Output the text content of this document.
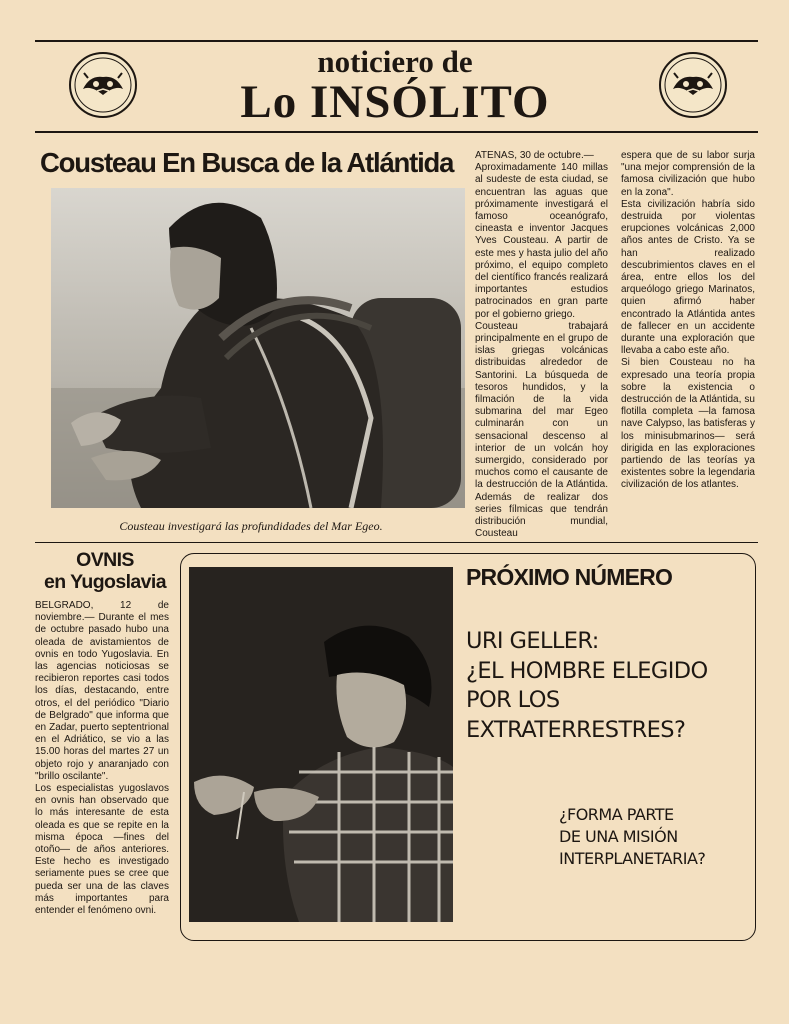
noticiero de
Lo INSÓLITO
Cousteau En Busca de la Atlántida
Cousteau investigará las profundidades del Mar Egeo.
ATENAS, 30 de octubre.—
Aproximadamente 140 millas al sudeste de esta ciudad, se encuentran las aguas que próximamente investigará el famoso oceanógrafo, cineasta e inventor Jacques Yves Cousteau. A partir de este mes y hasta julio del año próximo, el equipo completo del científico francés realizará importantes estudios patrocinados en gran parte por el gobierno griego.
Cousteau trabajará principalmente en el grupo de islas griegas volcánicas distribuidas alrededor de Santorini. La búsqueda de tesoros hundidos, y la filmación de la vida submarina del mar Egeo culminarán con un sensacional descenso al interior de un volcán hoy sumergido, considerado por muchos como el causante de la destrucción de la Atlántida. Además de realizar dos series fílmicas que tendrán distribución mundial, Cousteau
espera que de su labor surja "una mejor comprensión de la famosa civilización que hubo en la zona".
Esta civilización habría sido destruida por violentas erupciones volcánicas 2,000 años antes de Cristo. Ya se han realizado descubrimientos claves en el área, entre ellos los del arqueólogo griego Marinatos, quien afirmó haber encontrado la Atlántida antes de fallecer en un accidente durante una exploración que llevaba a cabo este año.
Si bien Cousteau no ha expresado una teoría propia sobre la existencia o destrucción de la Atlántida, su flotilla completa —la famosa nave Calypso, las batisferas y los minisubmarinos— será dirigida en las exploraciones partiendo de las teorías ya existentes sobre la legendaria civilización de los atlantes.
OVNIS
en Yugoslavia
BELGRADO, 12 de noviembre.— Durante el mes de octubre pasado hubo una oleada de avistamientos de ovnis en todo Yugoslavia. En las agencias noticiosas se recibieron reportes casi todos los días, destacando, entre otros, el del periódico "Diario de Belgrado" que informa que en Zadar, puerto septentrional en el Adriático, se vio a las 15.00 horas del martes 27 un objeto rojo y anaranjado con "brillo oscilante".
Los especialistas yugoslavos en ovnis han observado que lo más interesante de esta oleada es que se repite en la misma época —fines del otoño— de años anteriores. Este hecho es investigado seriamente pues se cree que pueda ser una de las claves más importantes para entender el fenómeno ovni.
PRÓXIMO NÚMERO
URI GELLER:
¿EL HOMBRE ELEGIDO
POR LOS
EXTRATERRESTRES?
¿FORMA PARTE
DE UNA MISIÓN
INTERPLANETARIA?
